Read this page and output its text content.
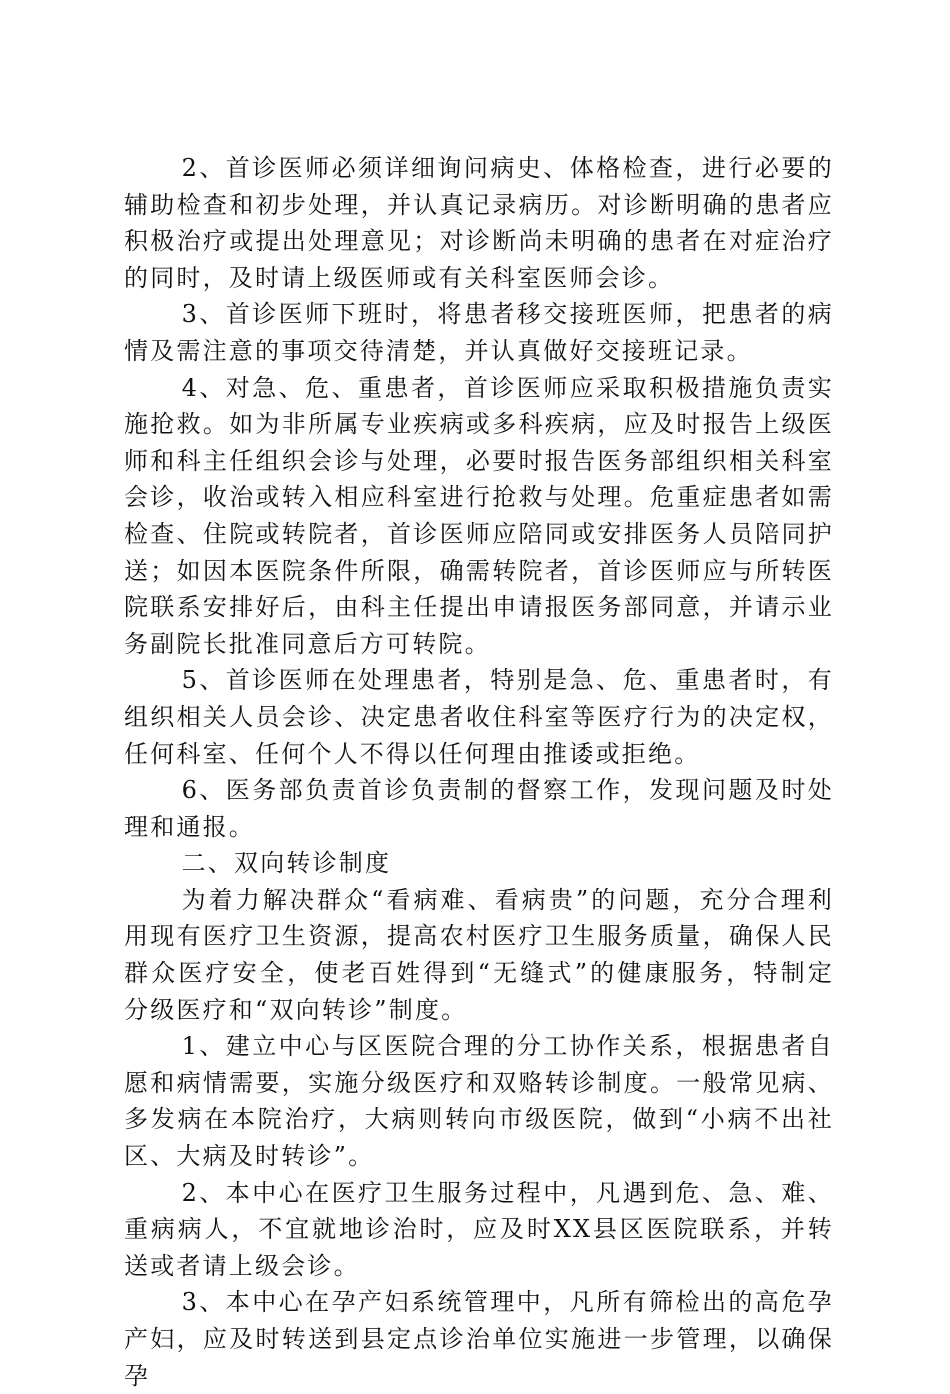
2、首诊医师必须详细询问病史、体格检查，进行必要的辅助检查和初步处理，并认真记录病历。对诊断明确的患者应积极治疗或提出处理意见；对诊断尚未明确的患者在对症治疗的同时，及时请上级医师或有关科室医师会诊。

3、首诊医师下班时，将患者移交接班医师，把患者的病情及需注意的事项交待清楚，并认真做好交接班记录。

4、对急、危、重患者，首诊医师应采取积极措施负责实施抢救。如为非所属专业疾病或多科疾病，应及时报告上级医师和科主任组织会诊与处理，必要时报告医务部组织相关科室会诊，收治或转入相应科室进行抢救与处理。危重症患者如需检查、住院或转院者，首诊医师应陪同或安排医务人员陪同护送；如因本医院条件所限，确需转院者，首诊医师应与所转医院联系安排好后，由科主任提出申请报医务部同意，并请示业务副院长批准同意后方可转院。

5、首诊医师在处理患者，特别是急、危、重患者时，有组织相关人员会诊、决定患者收住科室等医疗行为的决定权，任何科室、任何个人不得以任何理由推诿或拒绝。

6、医务部负责首诊负责制的督察工作，发现问题及时处理和通报。

二、双向转诊制度

为着力解决群众“看病难、看病贵”的问题，充分合理利用现有医疗卫生资源，提高农村医疗卫生服务质量，确保人民群众医疗安全，使老百姓得到“无缝式”的健康服务，特制定分级医疗和“双向转诊”制度。

1、建立中心与区医院合理的分工协作关系，根据患者自愿和病情需要，实施分级医疗和双赂转诊制度。一般常见病、多发病在本院治疗，大病则转向市级医院，做到“小病不出社区、大病及时转诊”。

2、本中心在医疗卫生服务过程中，凡遇到危、急、难、重病病人，不宜就地诊治时，应及时XX县区医院联系，并转送或者请上级会诊。

3、本中心在孕产妇系统管理中，凡所有筛检出的高危孕产妇，应及时转送到县定点诊治单位实施进一步管理，以确保孕
